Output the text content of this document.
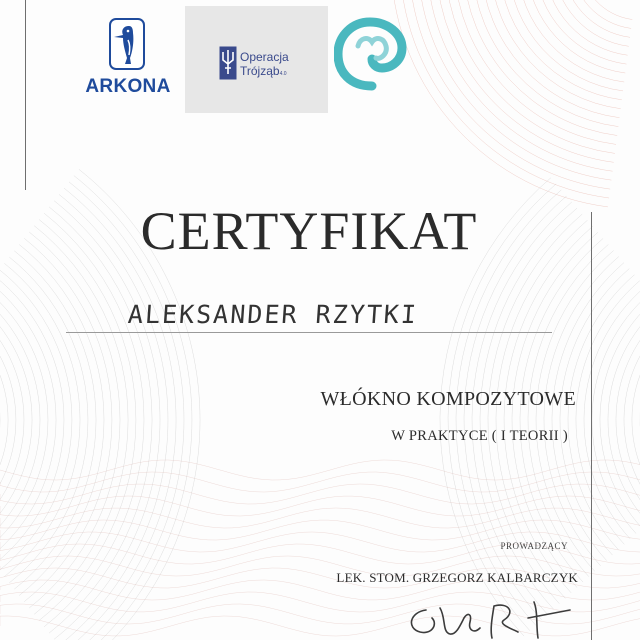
ARKONA
Operacja
Trójząb4.0
CERTYFIKAT
ALEKSANDER RZYTKI
WŁÓKNO KOMPOZYTOWE
W PRAKTYCE ( I TEORII )
PROWADZĄCY
LEK. STOM. GRZEGORZ KALBARCZYK
